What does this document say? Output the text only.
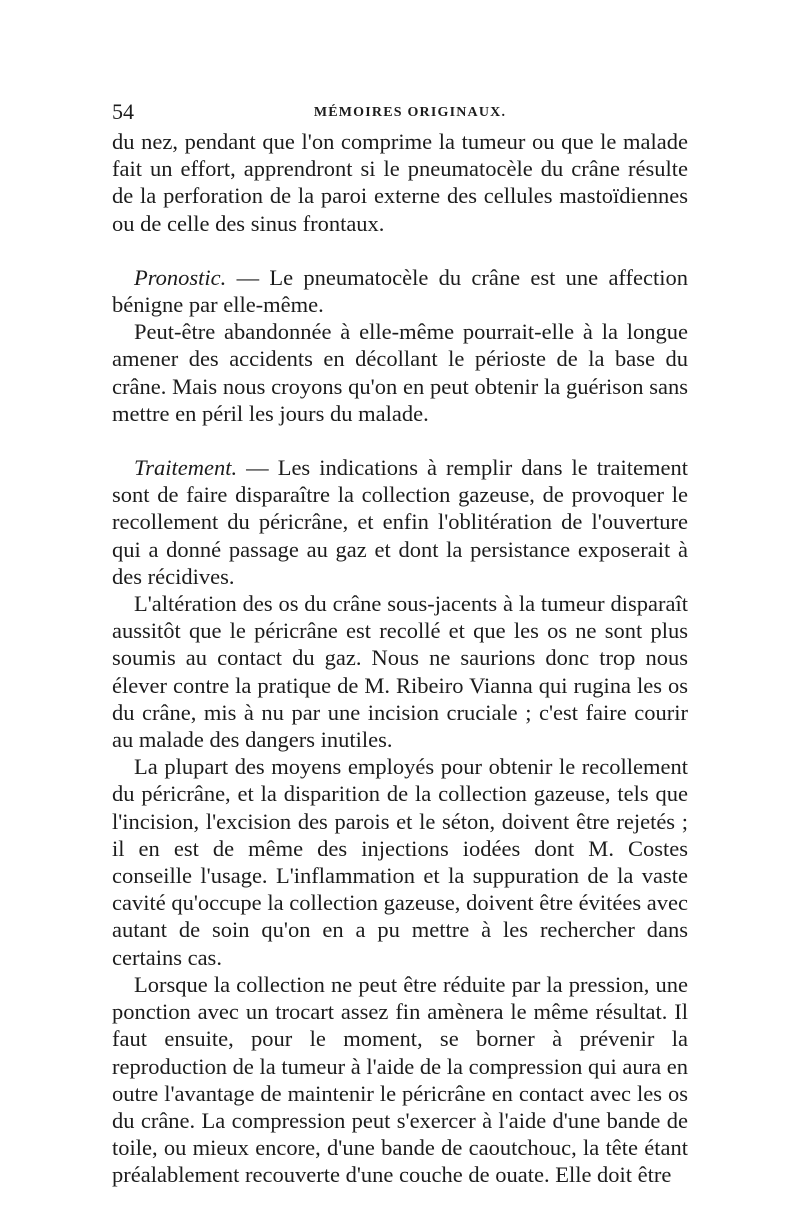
54	MÉMOIRES ORIGINAUX.

du nez, pendant que l'on comprime la tumeur ou que le malade fait un effort, apprendront si le pneumatocèle du crâne résulte de la perforation de la paroi externe des cellules mastoïdiennes ou de celle des sinus frontaux.

Pronostic. — Le pneumatocèle du crâne est une affection bénigne par elle-même.

Peut-être abandonnée à elle-même pourrait-elle à la longue amener des accidents en décollant le périoste de la base du crâne. Mais nous croyons qu'on en peut obtenir la guérison sans mettre en péril les jours du malade.

Traitement. — Les indications à remplir dans le traitement sont de faire disparaître la collection gazeuse, de provoquer le recollement du péricrâne, et enfin l'oblitération de l'ouverture qui a donné passage au gaz et dont la persistance exposerait à des récidives.

L'altération des os du crâne sous-jacents à la tumeur disparaît aussitôt que le péricrâne est recollé et que les os ne sont plus soumis au contact du gaz. Nous ne saurions donc trop nous élever contre la pratique de M. Ribeiro Vianna qui rugina les os du crâne, mis à nu par une incision cruciale ; c'est faire courir au malade des dangers inutiles.

La plupart des moyens employés pour obtenir le recollement du péricrâne, et la disparition de la collection gazeuse, tels que l'incision, l'excision des parois et le séton, doivent être rejetés ; il en est de même des injections iodées dont M. Costes conseille l'usage. L'inflammation et la suppuration de la vaste cavité qu'occupe la collection gazeuse, doivent être évitées avec autant de soin qu'on en a pu mettre à les rechercher dans certains cas.

Lorsque la collection ne peut être réduite par la pression, une ponction avec un trocart assez fin amènera le même résultat. Il faut ensuite, pour le moment, se borner à prévenir la reproduction de la tumeur à l'aide de la compression qui aura en outre l'avantage de maintenir le péricrâne en contact avec les os du crâne. La compression peut s'exercer à l'aide d'une bande de toile, ou mieux encore, d'une bande de caoutchouc, la tête étant préalablement recouverte d'une couche de ouate. Elle doit être
